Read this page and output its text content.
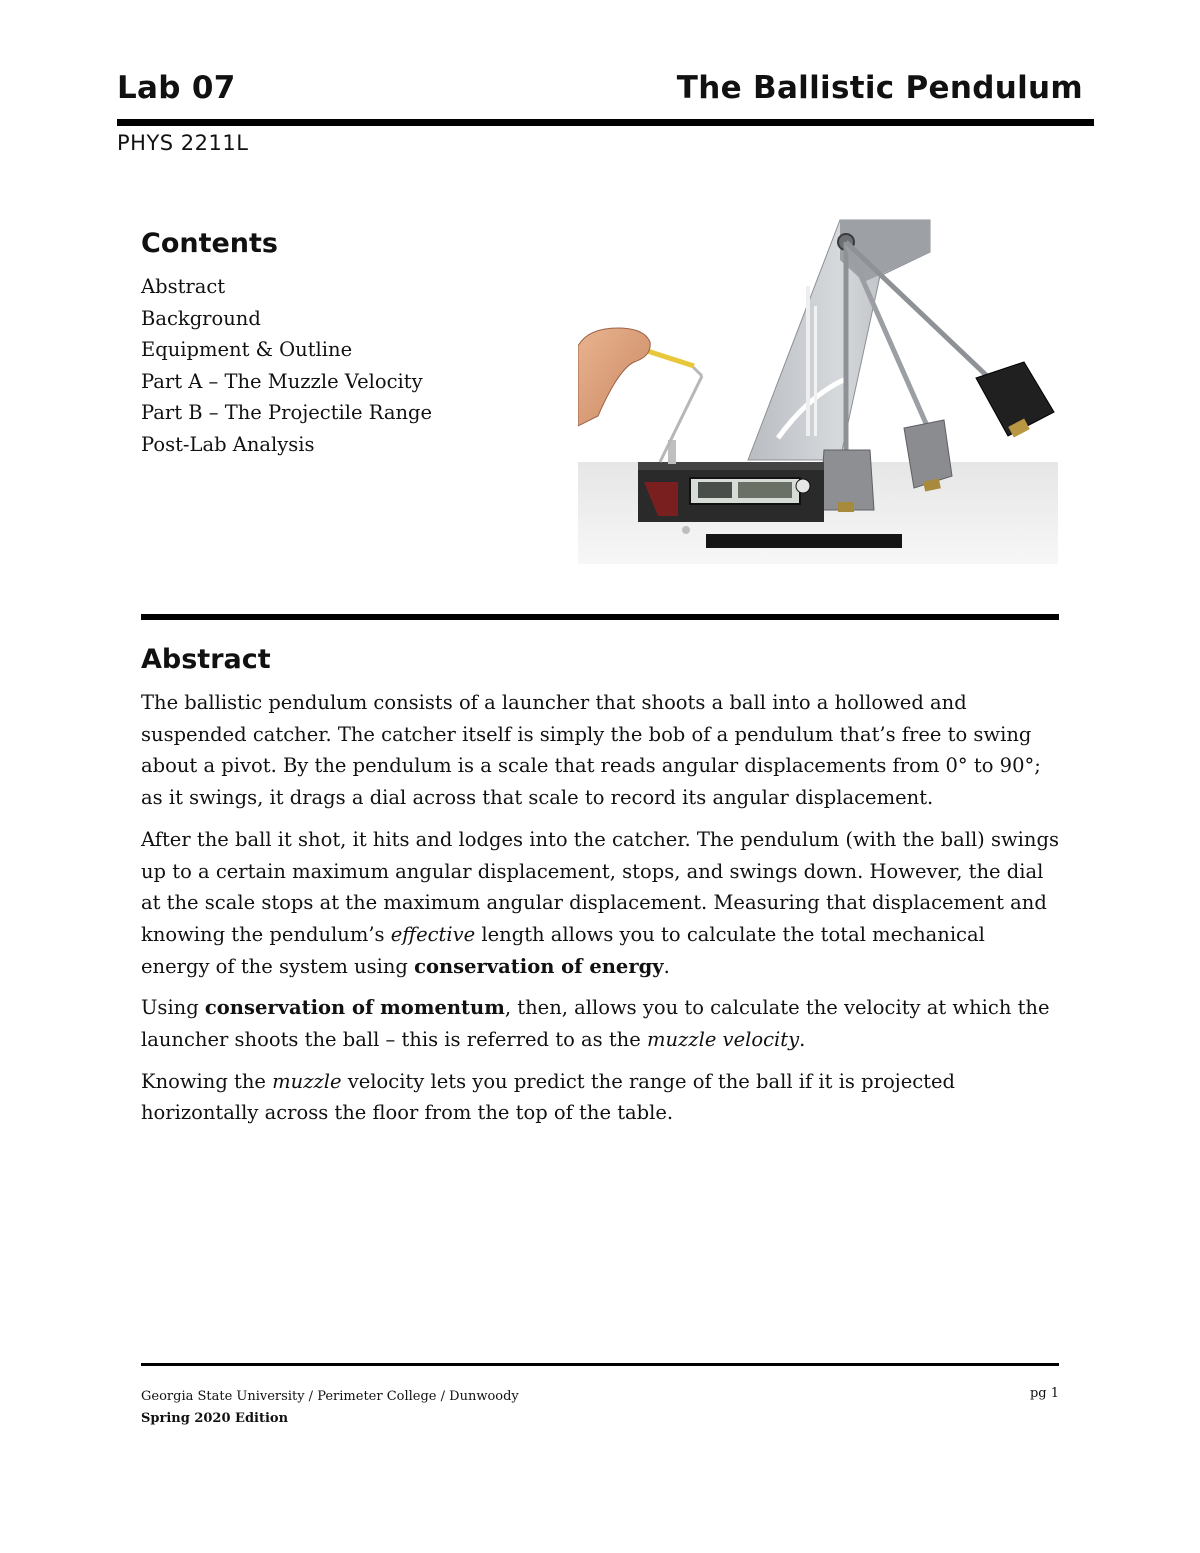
Lab 07	The Ballistic Pendulum
PHYS 2211L
Contents
Abstract
Background
Equipment & Outline
Part A – The Muzzle Velocity
Part B – The Projectile Range
Post-Lab Analysis
Abstract

The ballistic pendulum consists of a launcher that shoots a ball into a hollowed and suspended catcher. The catcher itself is simply the bob of a pendulum that’s free to swing about a pivot. By the pendulum is a scale that reads angular displacements from 0° to 90°; as it swings, it drags a dial across that scale to record its angular displacement.

After the ball it shot, it hits and lodges into the catcher. The pendulum (with the ball) swings up to a certain maximum angular displacement, stops, and swings down. However, the dial at the scale stops at the maximum angular displacement. Measuring that displacement and knowing the pendulum’s effective length allows you to calculate the total mechanical energy of the system using conservation of energy.

Using conservation of momentum, then, allows you to calculate the velocity at which the launcher shoots the ball – this is referred to as the muzzle velocity.

Knowing the muzzle velocity lets you predict the range of the ball if it is projected horizontally across the floor from the top of the table.

Georgia State University / Perimeter College / Dunwoody
Spring 2020 Edition
pg 1
